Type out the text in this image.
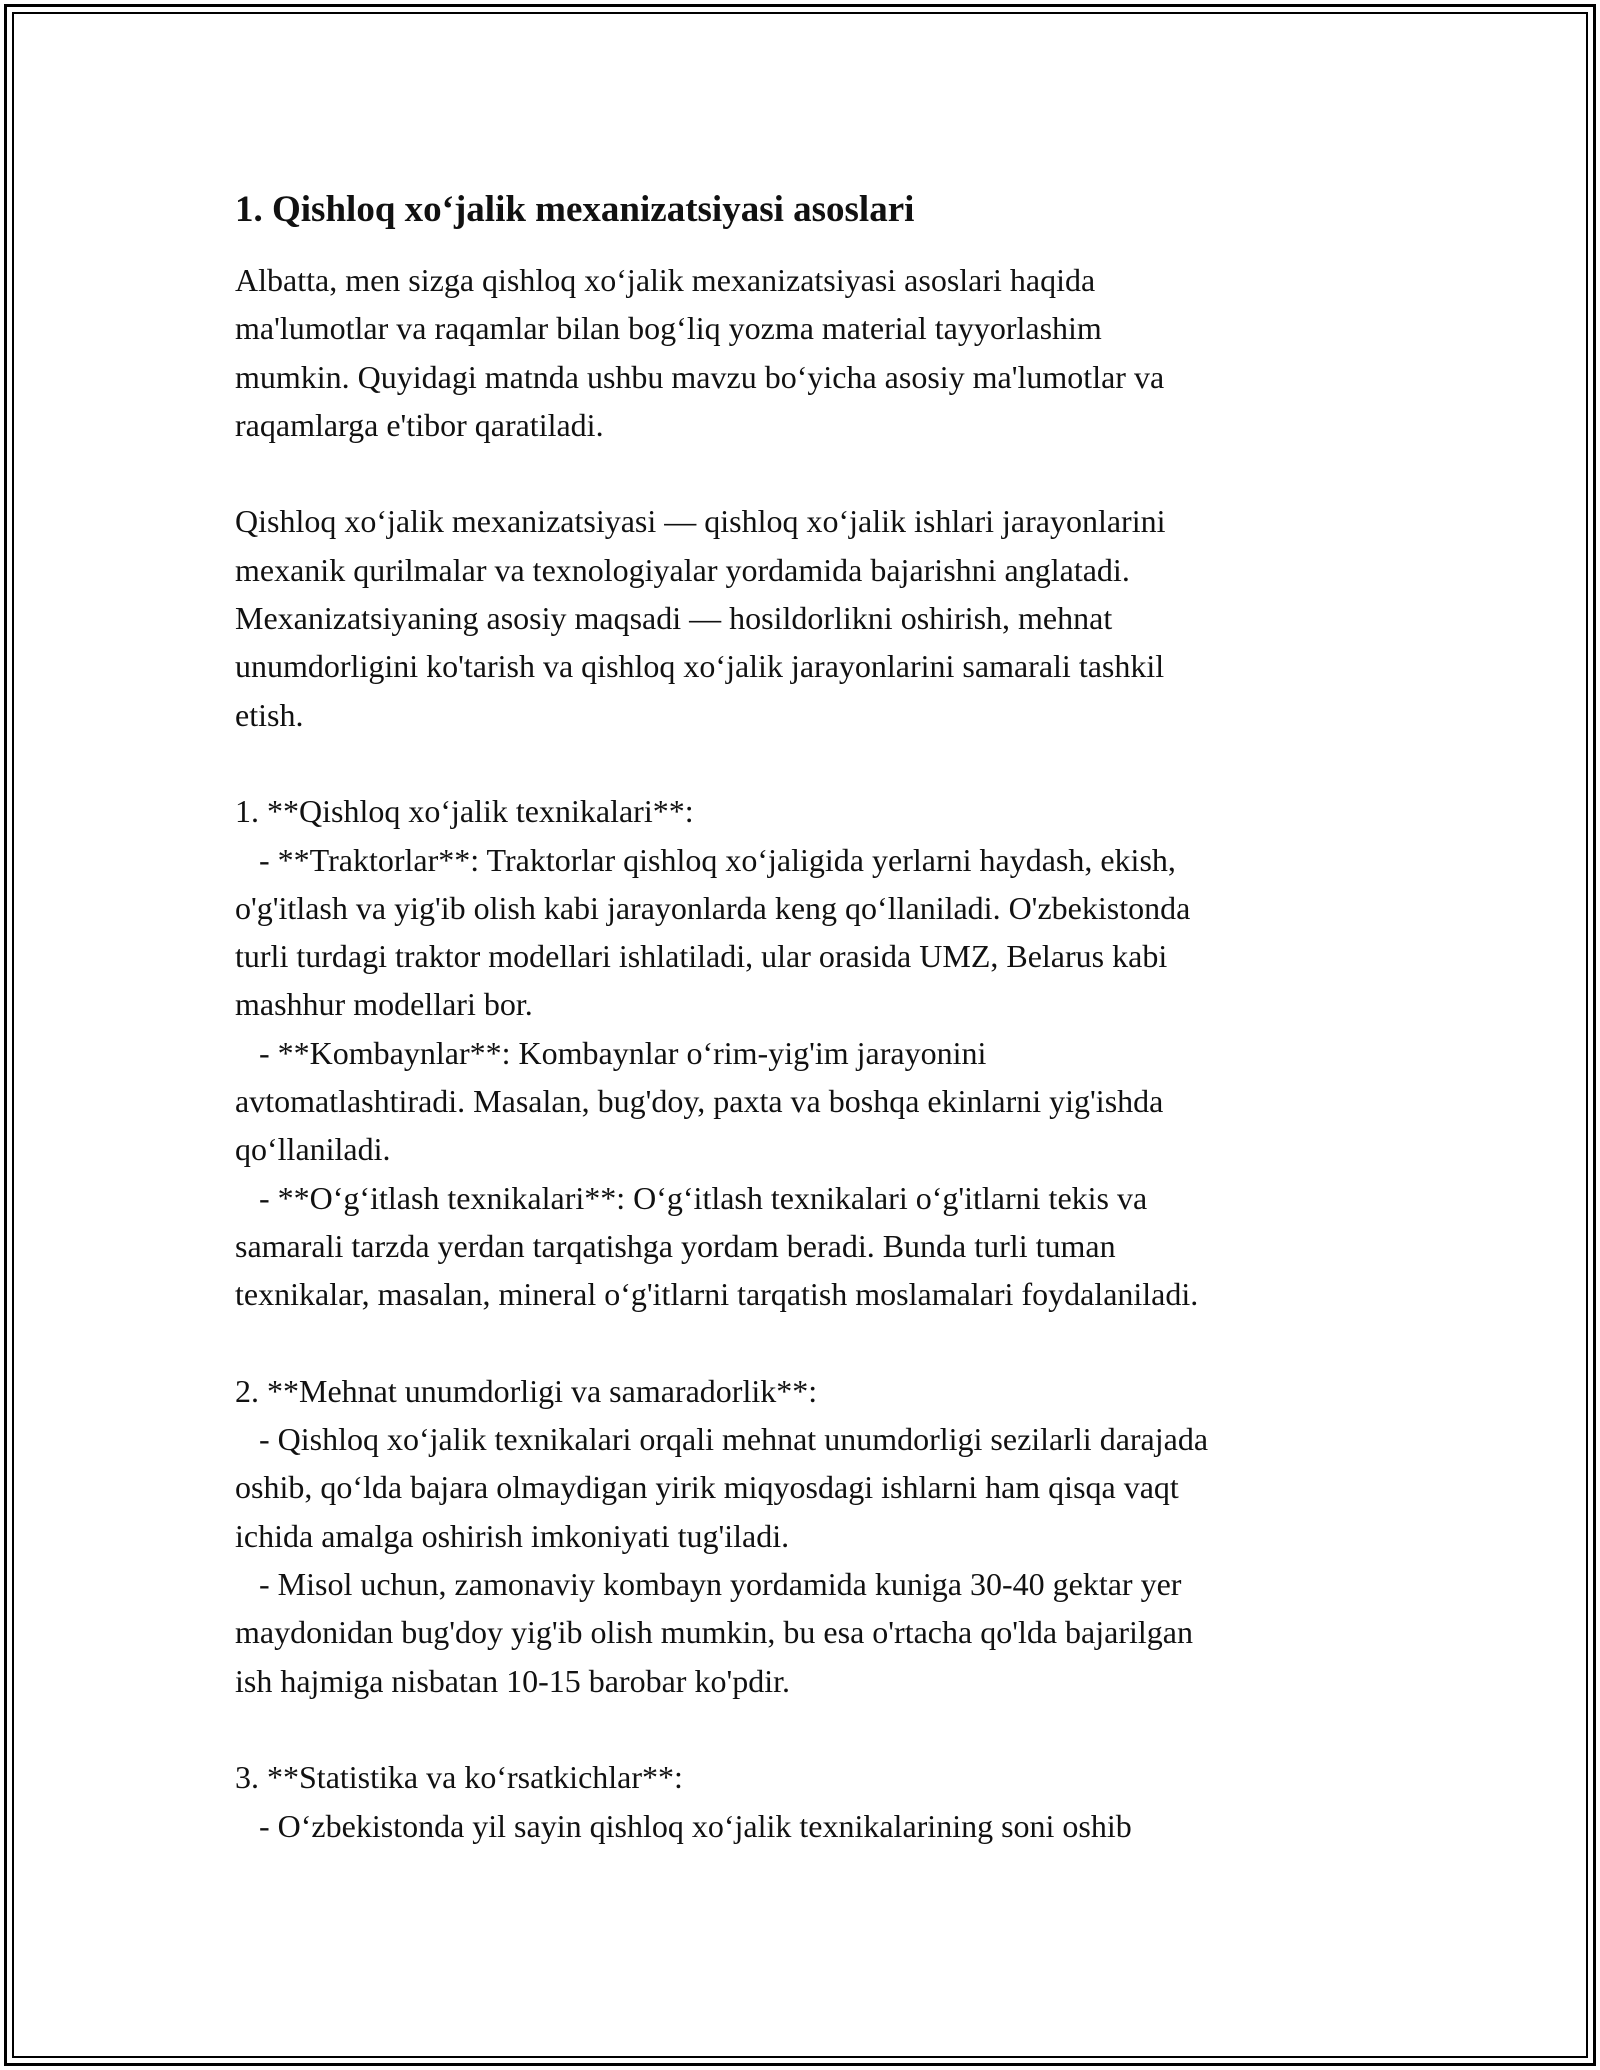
1. Qishloq xo‘jalik mexanizatsiyasi asoslari

Albatta, men sizga qishloq xo‘jalik mexanizatsiyasi asoslari haqida
ma'lumotlar va raqamlar bilan bog‘liq yozma material tayyorlashim
mumkin. Quyidagi matnda ushbu mavzu bo‘yicha asosiy ma'lumotlar va
raqamlarga e'tibor qaratiladi.

Qishloq xo‘jalik mexanizatsiyasi — qishloq xo‘jalik ishlari jarayonlarini
mexanik qurilmalar va texnologiyalar yordamida bajarishni anglatadi.
Mexanizatsiyaning asosiy maqsadi — hosildorlikni oshirish, mehnat
unumdorligini ko'tarish va qishloq xo‘jalik jarayonlarini samarali tashkil
etish.

1. **Qishloq xo‘jalik texnikalari**:
- **Traktorlar**: Traktorlar qishloq xo‘jaligida yerlarni haydash, ekish,
o'g'itlash va yig'ib olish kabi jarayonlarda keng qo‘llaniladi. O'zbekistonda
turli turdagi traktor modellari ishlatiladi, ular orasida UMZ, Belarus kabi
mashhur modellari bor.
- **Kombaynlar**: Kombaynlar o‘rim-yig'im jarayonini
avtomatlashtiradi. Masalan, bug'doy, paxta va boshqa ekinlarni yig'ishda
qo‘llaniladi.
- **O‘g‘itlash texnikalari**: O‘g‘itlash texnikalari o‘g'itlarni tekis va
samarali tarzda yerdan tarqatishga yordam beradi. Bunda turli tuman
texnikalar, masalan, mineral o‘g'itlarni tarqatish moslamalari foydalaniladi.

2. **Mehnat unumdorligi va samaradorlik**:
- Qishloq xo‘jalik texnikalari orqali mehnat unumdorligi sezilarli darajada
oshib, qo‘lda bajara olmaydigan yirik miqyosdagi ishlarni ham qisqa vaqt
ichida amalga oshirish imkoniyati tug'iladi.
- Misol uchun, zamonaviy kombayn yordamida kuniga 30-40 gektar yer
maydonidan bug'doy yig'ib olish mumkin, bu esa o'rtacha qo'lda bajarilgan
ish hajmiga nisbatan 10-15 barobar ko'pdir.

3. **Statistika va ko‘rsatkichlar**:
- O‘zbekistonda yil sayin qishloq xo‘jalik texnikalarining soni oshib
